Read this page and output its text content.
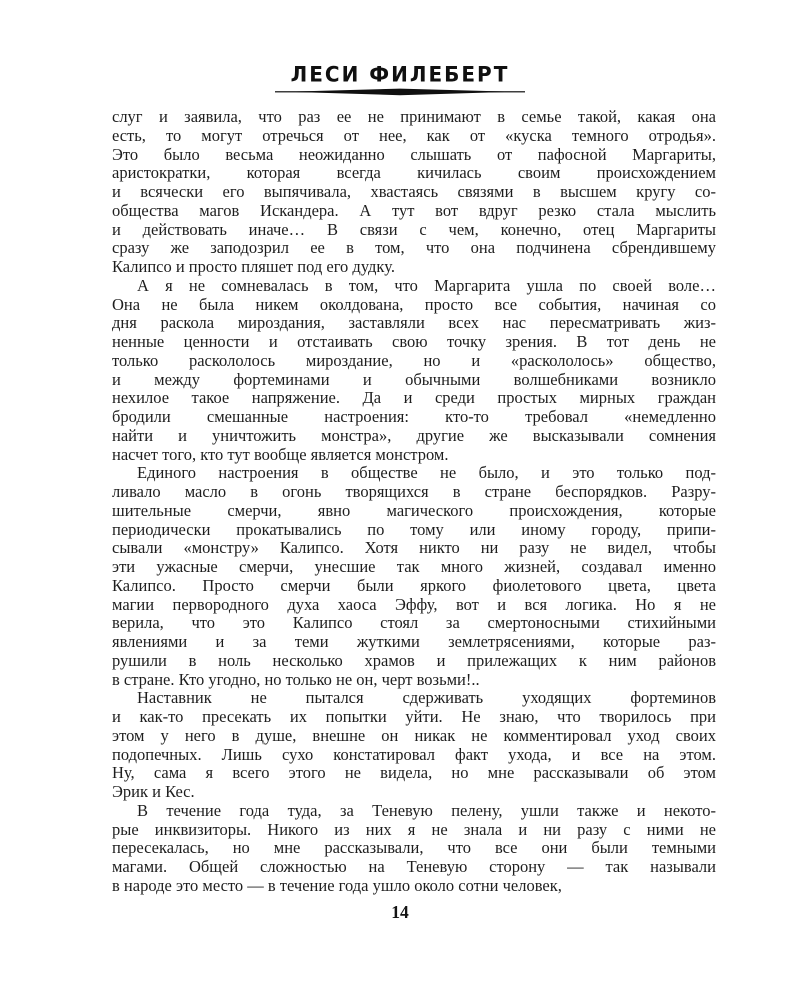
ЛЕСИ ФИЛЕБЕРТ
слуг и заявила, что раз ее не принимают в семье такой, какая она
есть, то могут отречься от нее, как от «куска темного отродья».
Это было весьма неожиданно слышать от пафосной Маргариты,
аристократки, которая всегда кичилась своим происхождением
и всячески его выпячивала, хвастаясь связями в высшем кругу со-
общества магов Искандера. А тут вот вдруг резко стала мыслить
и действовать иначе… В связи с чем, конечно, отец Маргариты
сразу же заподозрил ее в том, что она подчинена сбрендившему
Калипсо и просто пляшет под его дудку.
А я не сомневалась в том, что Маргарита ушла по своей воле…
Она не была никем околдована, просто все события, начиная со
дня раскола мироздания, заставляли всех нас пересматривать жиз-
ненные ценности и отстаивать свою точку зрения. В тот день не
только раскололось мироздание, но и «раскололось» общество,
и между фортеминами и обычными волшебниками возникло
нехилое такое напряжение. Да и среди простых мирных граждан
бродили смешанные настроения: кто-то требовал «немедленно
найти и уничтожить монстра», другие же высказывали сомнения
насчет того, кто тут вообще является монстром.
Единого настроения в обществе не было, и это только под-
ливало масло в огонь творящихся в стране беспорядков. Разру-
шительные смерчи, явно магического происхождения, которые
периодически прокатывались по тому или иному городу, припи-
сывали «монстру» Калипсо. Хотя никто ни разу не видел, чтобы
эти ужасные смерчи, унесшие так много жизней, создавал именно
Калипсо. Просто смерчи были яркого фиолетового цвета, цвета
магии первородного духа хаоса Эффу, вот и вся логика. Но я не
верила, что это Калипсо стоял за смертоносными стихийными
явлениями и за теми жуткими землетрясениями, которые раз-
рушили в ноль несколько храмов и прилежащих к ним районов
в стране. Кто угодно, но только не он, черт возьми!..
Наставник не пытался сдерживать уходящих фортеминов
и как-то пресекать их попытки уйти. Не знаю, что творилось при
этом у него в душе, внешне он никак не комментировал уход своих
подопечных. Лишь сухо констатировал факт ухода, и все на этом.
Ну, сама я всего этого не видела, но мне рассказывали об этом
Эрик и Кес.
В течение года туда, за Теневую пелену, ушли также и некото-
рые инквизиторы. Никого из них я не знала и ни разу с ними не
пересекалась, но мне рассказывали, что все они были темными
магами. Общей сложностью на Теневую сторону — так называли
в народе это место — в течение года ушло около сотни человек,
14
